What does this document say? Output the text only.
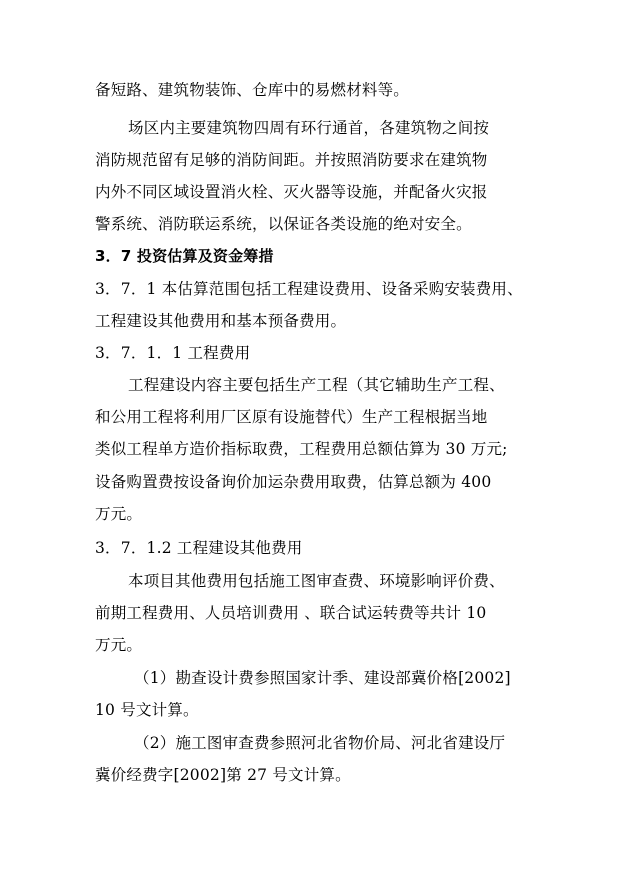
备短路、建筑物装饰、仓库中的易燃材料等。
场区内主要建筑物四周有环行通首，各建筑物之间按
消防规范留有足够的消防间距。并按照消防要求在建筑物
内外不同区域设置消火栓、灭火器等设施，并配备火灾报
警系统、消防联运系统，以保证各类设施的绝对安全。
3．7 投资估算及资金筹措
3．7．1 本估算范围包括工程建设费用、设备采购安装费用、
工程建设其他费用和基本预备费用。
3．7．1．1 工程费用
工程建设内容主要包括生产工程（其它辅助生产工程、
和公用工程将利用厂区原有设施替代）生产工程根据当地
类似工程单方造价指标取费，工程费用总额估算为 30 万元;
设备购置费按设备询价加运杂费用取费，估算总额为 400
万元。
3．7．1.2 工程建设其他费用
本项目其他费用包括施工图审查费、环境影响评价费、
前期工程费用、人员培训费用 、联合试运转费等共计 10
万元。
（1）勘查设计费参照国家计季、建设部冀价格[2002]
10 号文计算。
（2）施工图审查费参照河北省物价局、河北省建设厅
冀价经费字[2002]第 27 号文计算。
